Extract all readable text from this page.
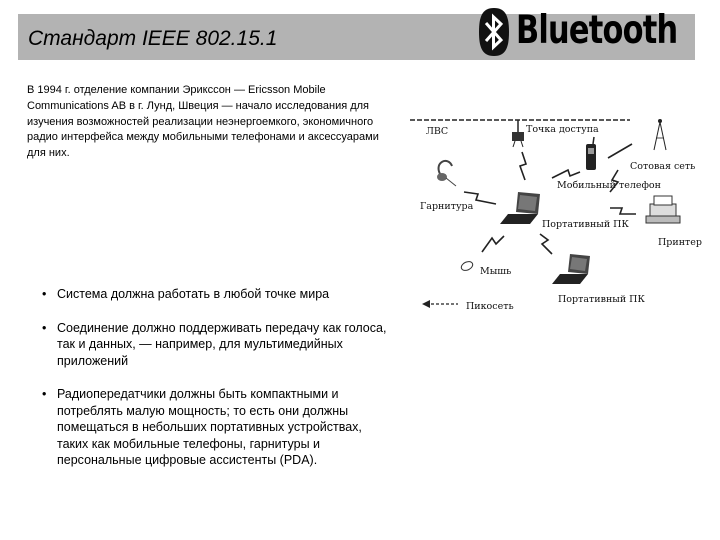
Стандарт IEEE 802.15.1	Bluetooth
В 1994 г. отделение компании Эрикссон — Ericsson Mobile Communications AB в г. Лунд, Швеция — начало исследования для изучения возможностей реализации неэнергоемкого, экономичного радио интерфейса между мобильными телефонами и аксессуарами для них.
ЛВС	Точка доступа
Сотовая сеть
Мобильный телефон
Гарнитура
Портативный ПК
Принтер
Мышь
Портативный ПК
Пикосеть
• Система должна работать в любой точке мира
• Соединение должно поддерживать передачу как голоса, так и данных, — например, для мультимедийных приложений
• Радиопередатчики должны быть компактными и потреблять малую мощность; то есть они должны помещаться в небольших портативных устройствах, таких как мобильные телефоны, гарнитуры и персональные цифровые ассистенты (PDA).
